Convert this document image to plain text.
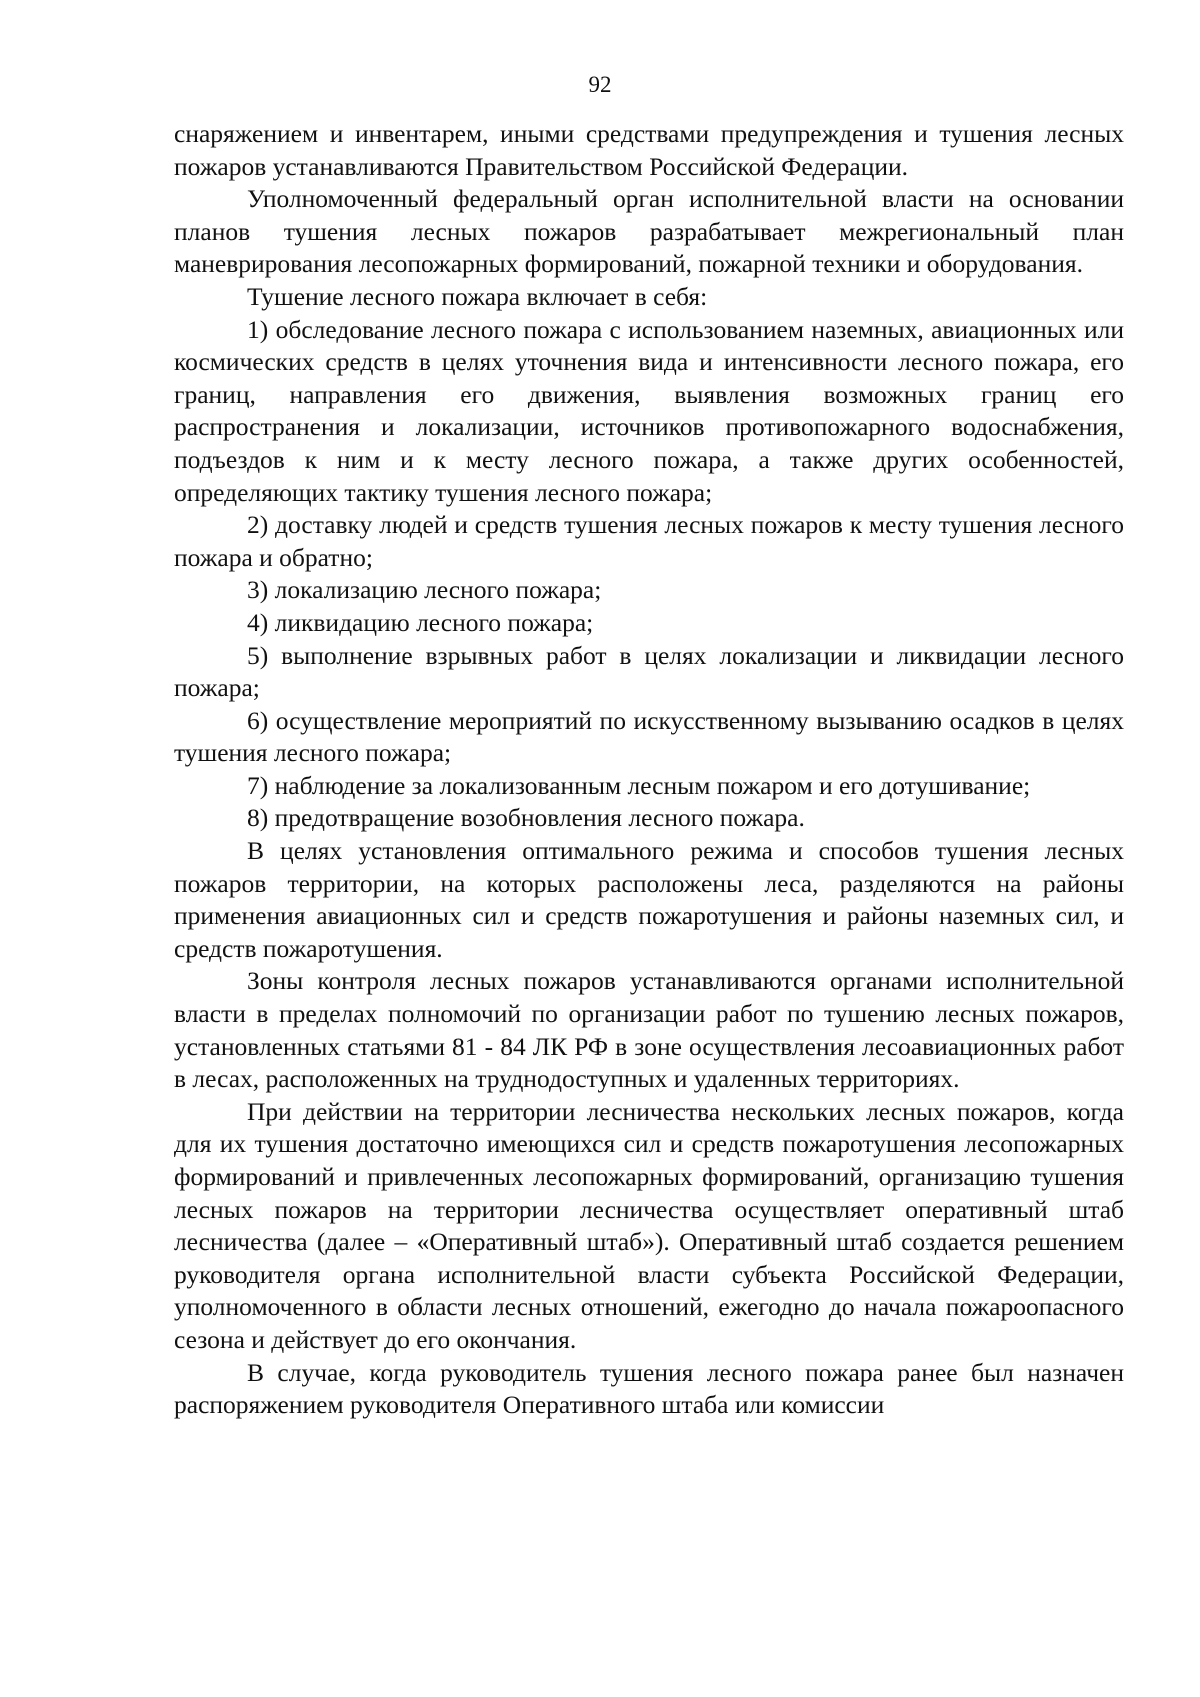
92

снаряжением и инвентарем, иными средствами предупреждения и тушения лесных пожаров устанавливаются Правительством Российской Федерации.

Уполномоченный федеральный орган исполнительной власти на основании планов тушения лесных пожаров разрабатывает межрегиональный план маневрирования лесопожарных формирований, пожарной техники и оборудования.

Тушение лесного пожара включает в себя:

1) обследование лесного пожара с использованием наземных, авиационных или космических средств в целях уточнения вида и интенсивности лесного пожара, его границ, направления его движения, выявления возможных границ его распространения и локализации, источников противопожарного водоснабжения, подъездов к ним и к месту лесного пожара, а также других особенностей, определяющих тактику тушения лесного пожара;

2) доставку людей и средств тушения лесных пожаров к месту тушения лесного пожара и обратно;

3) локализацию лесного пожара;

4) ликвидацию лесного пожара;

5) выполнение взрывных работ в целях локализации и ликвидации лесного пожара;

6) осуществление мероприятий по искусственному вызыванию осадков в целях тушения лесного пожара;

7) наблюдение за локализованным лесным пожаром и его дотушивание;

8) предотвращение возобновления лесного пожара.

В целях установления оптимального режима и способов тушения лесных пожаров территории, на которых расположены леса, разделяются на районы применения авиационных сил и средств пожаротушения и районы наземных сил, и средств пожаротушения.

Зоны контроля лесных пожаров устанавливаются органами исполнительной власти в пределах полномочий по организации работ по тушению лесных пожаров, установленных статьями 81 - 84 ЛК РФ в зоне осуществления лесоавиационных работ в лесах, расположенных на труднодоступных и удаленных территориях.

При действии на территории лесничества нескольких лесных пожаров, когда для их тушения достаточно имеющихся сил и средств пожаротушения лесопожарных формирований и привлеченных лесопожарных формирований, организацию тушения лесных пожаров на территории лесничества осуществляет оперативный штаб лесничества (далее – «Оперативный штаб»). Оперативный штаб создается решением руководителя органа исполнительной власти субъекта Российской Федерации, уполномоченного в области лесных отношений, ежегодно до начала пожароопасного сезона и действует до его окончания.

В случае, когда руководитель тушения лесного пожара ранее был назначен распоряжением руководителя Оперативного штаба или комиссии
